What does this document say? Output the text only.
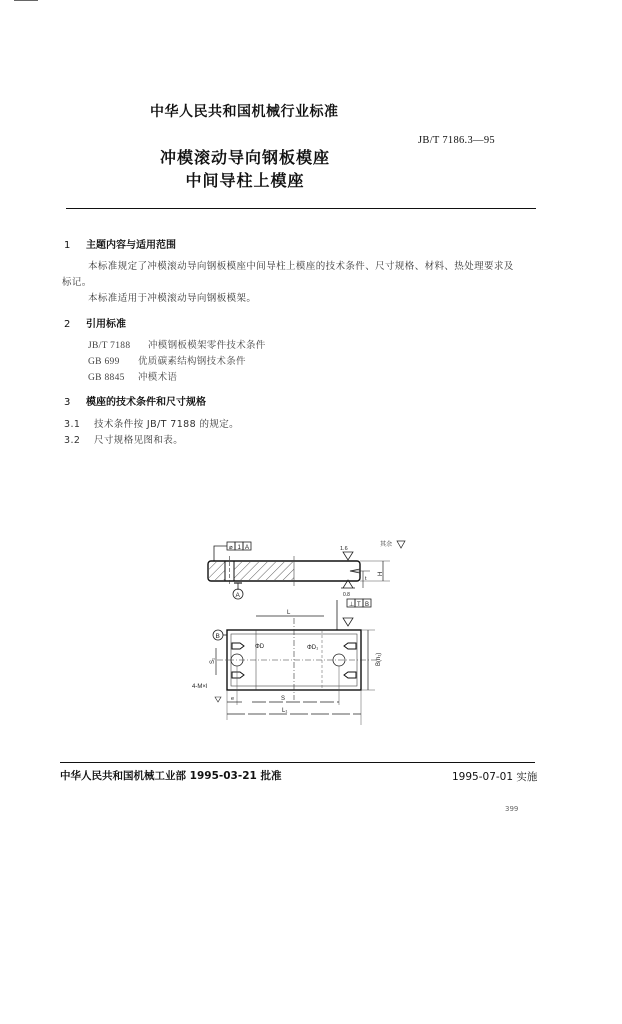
中华人民共和国机械行业标准
JB/T 7186.3—95
冲模滚动导向钢板模座
中间导柱上模座
1 主题内容与适用范围
本标准规定了冲模滚动导向钢板模座中间导柱上模座的技术条件、尺寸规格、材料、热处理要求及
标记。
本标准适用于冲模滚动导向钢板模架。
2 引用标准
JB/T 7188 冲模钢板模架零件技术条件
GB 699 优质碳素结构钢技术条件
GB 8845 冲模术语
3 模座的技术条件和尺寸规格
3.1 技术条件按 JB/T 7188 的规定。
3.2 尺寸规格见图和表。
⌀ 1 A
A
1.6
0.8
H
t
其余
⊥ T B
B
ΦD	ΦD₁
S₁
4-M×l
B(h₁)
L
e	S
L₁
中华人民共和国机械工业部 1995-03-21 批准	1995-07-01 实施
399
